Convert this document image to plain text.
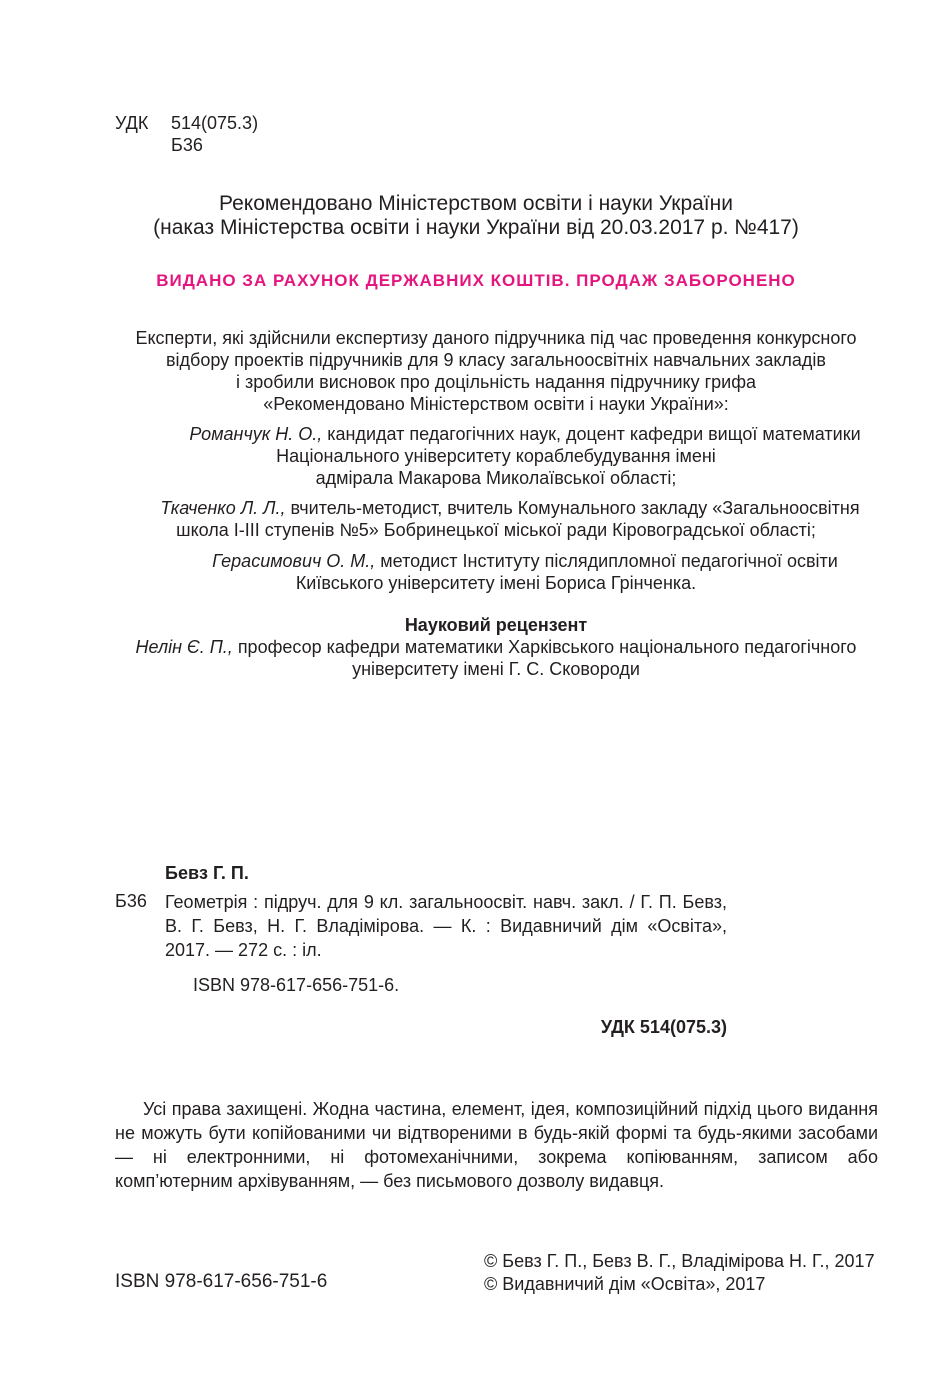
УДК	514(075.3)
Б36
Рекомендовано Міністерством освіти і науки України
(наказ Міністерства освіти і науки України від 20.03.2017 р. №417)
ВИДАНО ЗА РАХУНОК ДЕРЖАВНИХ КОШТІВ. ПРОДАЖ ЗАБОРОНЕНО
Експерти, які здійснили експертизу даного підручника під час проведення конкурсного
відбору проектів підручників для 9 класу загальноосвітніх навчальних закладів
і зробили висновок про доцільність надання підручнику грифа
«Рекомендовано Міністерством освіти і науки України»:
Романчук Н. О., кандидат педагогічних наук, доцент кафедри вищої математики
Національного університету кораблебудування імені
адмірала Макарова Миколаївської області;
Ткаченко Л. Л., вчитель-методист, вчитель Комунального закладу «Загальноосвітня
школа І-ІІІ ступенів №5» Бобринецької міської ради Кіровоградської області;
Герасимович О. М., методист Інституту післядипломної педагогічної освіти
Київського університету імені Бориса Грінченка.
Науковий рецензент
Нелін Є. П., професор кафедри математики Харківського національного педагогічного
університету імені Г. С. Сковороди
Бевз Г. П.
Б36	Геометрія : підруч. для 9 кл. загальноосвіт. навч. закл. / Г. П. Бевз, В. Г. Бевз, Н. Г. Владімірова. — К. : Видавничий дім «Освіта», 2017. — 272 с. : іл.
ISBN 978-617-656-751-6.
УДК 514(075.3)
Усі права захищені. Жодна частина, елемент, ідея, композиційний підхід цього видання не можуть бути копійованими чи відтвореними в будь-якій формі та будь-якими засобами — ні електронними, ні фотомеханічними, зокрема копіюванням, записом або комп’ютерним архівуванням, — без письмового дозволу видавця.
ISBN 978-617-656-751-6
© Бевз Г. П., Бевз В. Г., Владімірова Н. Г., 2017
© Видавничий дім «Освіта», 2017
